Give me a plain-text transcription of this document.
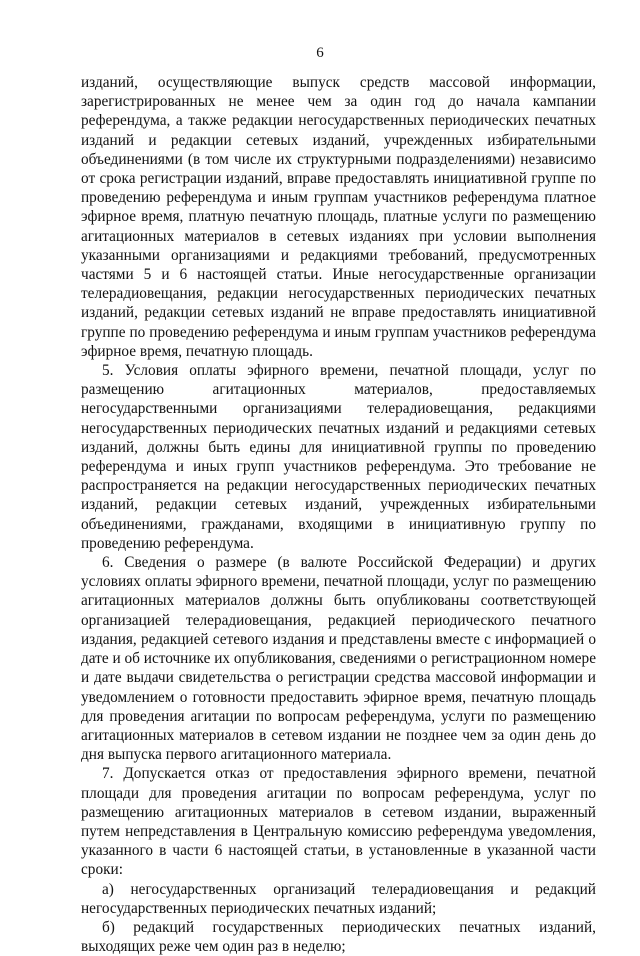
6

изданий, осуществляющие выпуск средств массовой информации, зарегистрированных не менее чем за один год до начала кампании референдума, а также редакции негосударственных периодических печатных изданий и редакции сетевых изданий, учрежденных избирательными объединениями (в том числе их структурными подразделениями) независимо от срока регистрации изданий, вправе предоставлять инициативной группе по проведению референдума и иным группам участников референдума платное эфирное время, платную печатную площадь, платные услуги по размещению агитационных материалов в сетевых изданиях при условии выполнения указанными организациями и редакциями требований, предусмотренных частями 5 и 6 настоящей статьи. Иные негосударственные организации телерадиовещания, редакции негосударственных периодических печатных изданий, редакции сетевых изданий не вправе предоставлять инициативной группе по проведению референдума и иным группам участников референдума эфирное время, печатную площадь.

5. Условия оплаты эфирного времени, печатной площади, услуг по размещению агитационных материалов, предоставляемых негосударственными организациями телерадиовещания, редакциями негосударственных периодических печатных изданий и редакциями сетевых изданий, должны быть едины для инициативной группы по проведению референдума и иных групп участников референдума. Это требование не распространяется на редакции негосударственных периодических печатных изданий, редакции сетевых изданий, учрежденных избирательными объединениями, гражданами, входящими в инициативную группу по проведению референдума.

6. Сведения о размере (в валюте Российской Федерации) и других условиях оплаты эфирного времени, печатной площади, услуг по размещению агитационных материалов должны быть опубликованы соответствующей организацией телерадиовещания, редакцией периодического печатного издания, редакцией сетевого издания и представлены вместе с информацией о дате и об источнике их опубликования, сведениями о регистрационном номере и дате выдачи свидетельства о регистрации средства массовой информации и уведомлением о готовности предоставить эфирное время, печатную площадь для проведения агитации по вопросам референдума, услуги по размещению агитационных материалов в сетевом издании не позднее чем за один день до дня выпуска первого агитационного материала.

7. Допускается отказ от предоставления эфирного времени, печатной площади для проведения агитации по вопросам референдума, услуг по размещению агитационных материалов в сетевом издании, выраженный путем непредставления в Центральную комиссию референдума уведомления, указанного в части 6 настоящей статьи, в установленные в указанной части сроки:

а) негосударственных организаций телерадиовещания и редакций негосударственных периодических печатных изданий;

б) редакций государственных периодических печатных изданий, выходящих реже чем один раз в неделю;
